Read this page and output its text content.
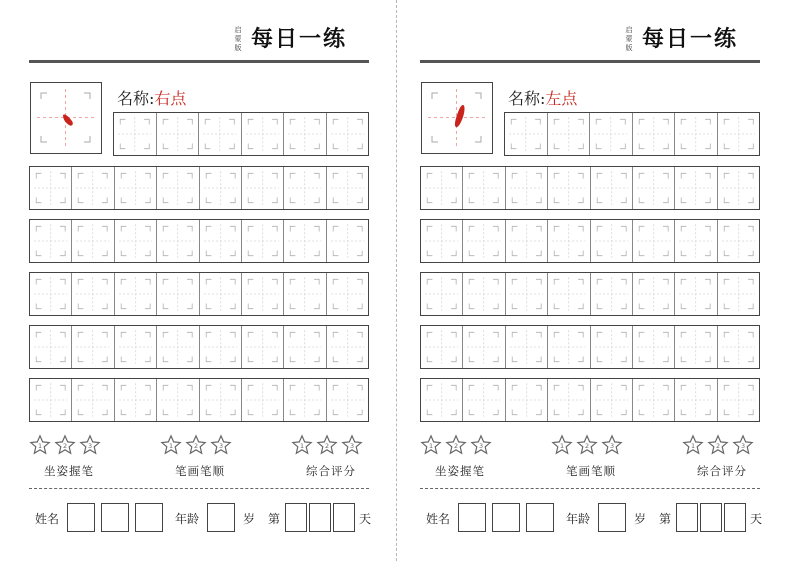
启蒙版 每日一练
名称:右点
1	2	3
坐姿握笔
1	2	3
笔画笔顺
1	2	3
综合评分
姓名	年龄	岁 第	天
启蒙版 每日一练
名称:左点
1	2	3
坐姿握笔
1	2	3
笔画笔顺
1	2	3
综合评分
姓名	年龄	岁 第	天
